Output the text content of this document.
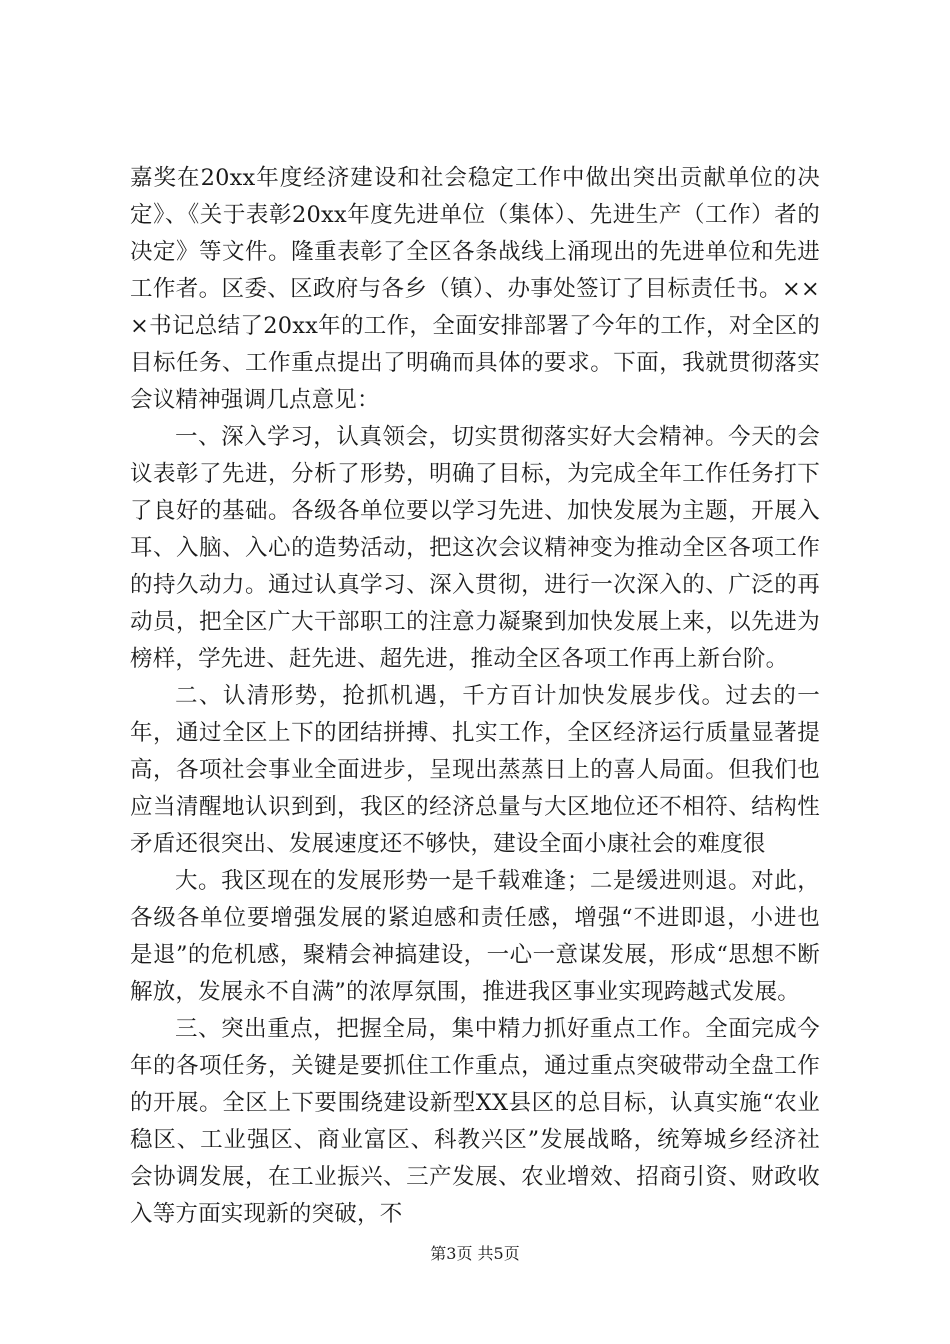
嘉奖在20xx年度经济建设和社会稳定工作中做出突出贡献单位的决定》、《关于表彰20xx年度先进单位（集体）、先进生产（工作）者的决定》等文件。隆重表彰了全区各条战线上涌现出的先进单位和先进工作者。区委、区政府与各乡（镇）、办事处签订了目标责任书。×××书记总结了20xx年的工作，全面安排部署了今年的工作，对全区的目标任务、工作重点提出了明确而具体的要求。下面，我就贯彻落实会议精神强调几点意见：

一、深入学习，认真领会，切实贯彻落实好大会精神。今天的会议表彰了先进，分析了形势，明确了目标，为完成全年工作任务打下了良好的基础。各级各单位要以学习先进、加快发展为主题，开展入耳、入脑、入心的造势活动，把这次会议精神变为推动全区各项工作的持久动力。通过认真学习、深入贯彻，进行一次深入的、广泛的再动员，把全区广大干部职工的注意力凝聚到加快发展上来，以先进为榜样，学先进、赶先进、超先进，推动全区各项工作再上新台阶。

二、认清形势，抢抓机遇，千方百计加快发展步伐。过去的一年，通过全区上下的团结拼搏、扎实工作，全区经济运行质量显著提高，各项社会事业全面进步，呈现出蒸蒸日上的喜人局面。但我们也应当清醒地认识到到，我区的经济总量与大区地位还不相符、结构性矛盾还很突出、发展速度还不够快，建设全面小康社会的难度很

大。我区现在的发展形势一是千载难逢；二是缓进则退。对此，各级各单位要增强发展的紧迫感和责任感，增强“不进即退，小进也是退”的危机感，聚精会神搞建设，一心一意谋发展，形成“思想不断解放，发展永不自满”的浓厚氛围，推进我区事业实现跨越式发展。

三、突出重点，把握全局，集中精力抓好重点工作。全面完成今年的各项任务，关键是要抓住工作重点，通过重点突破带动全盘工作的开展。全区上下要围绕建设新型XX县区的总目标，认真实施“农业稳区、工业强区、商业富区、科教兴区”发展战略，统筹城乡经济社会协调发展，在工业振兴、三产发展、农业增效、招商引资、财政收入等方面实现新的突破，不

第3页 共5页
